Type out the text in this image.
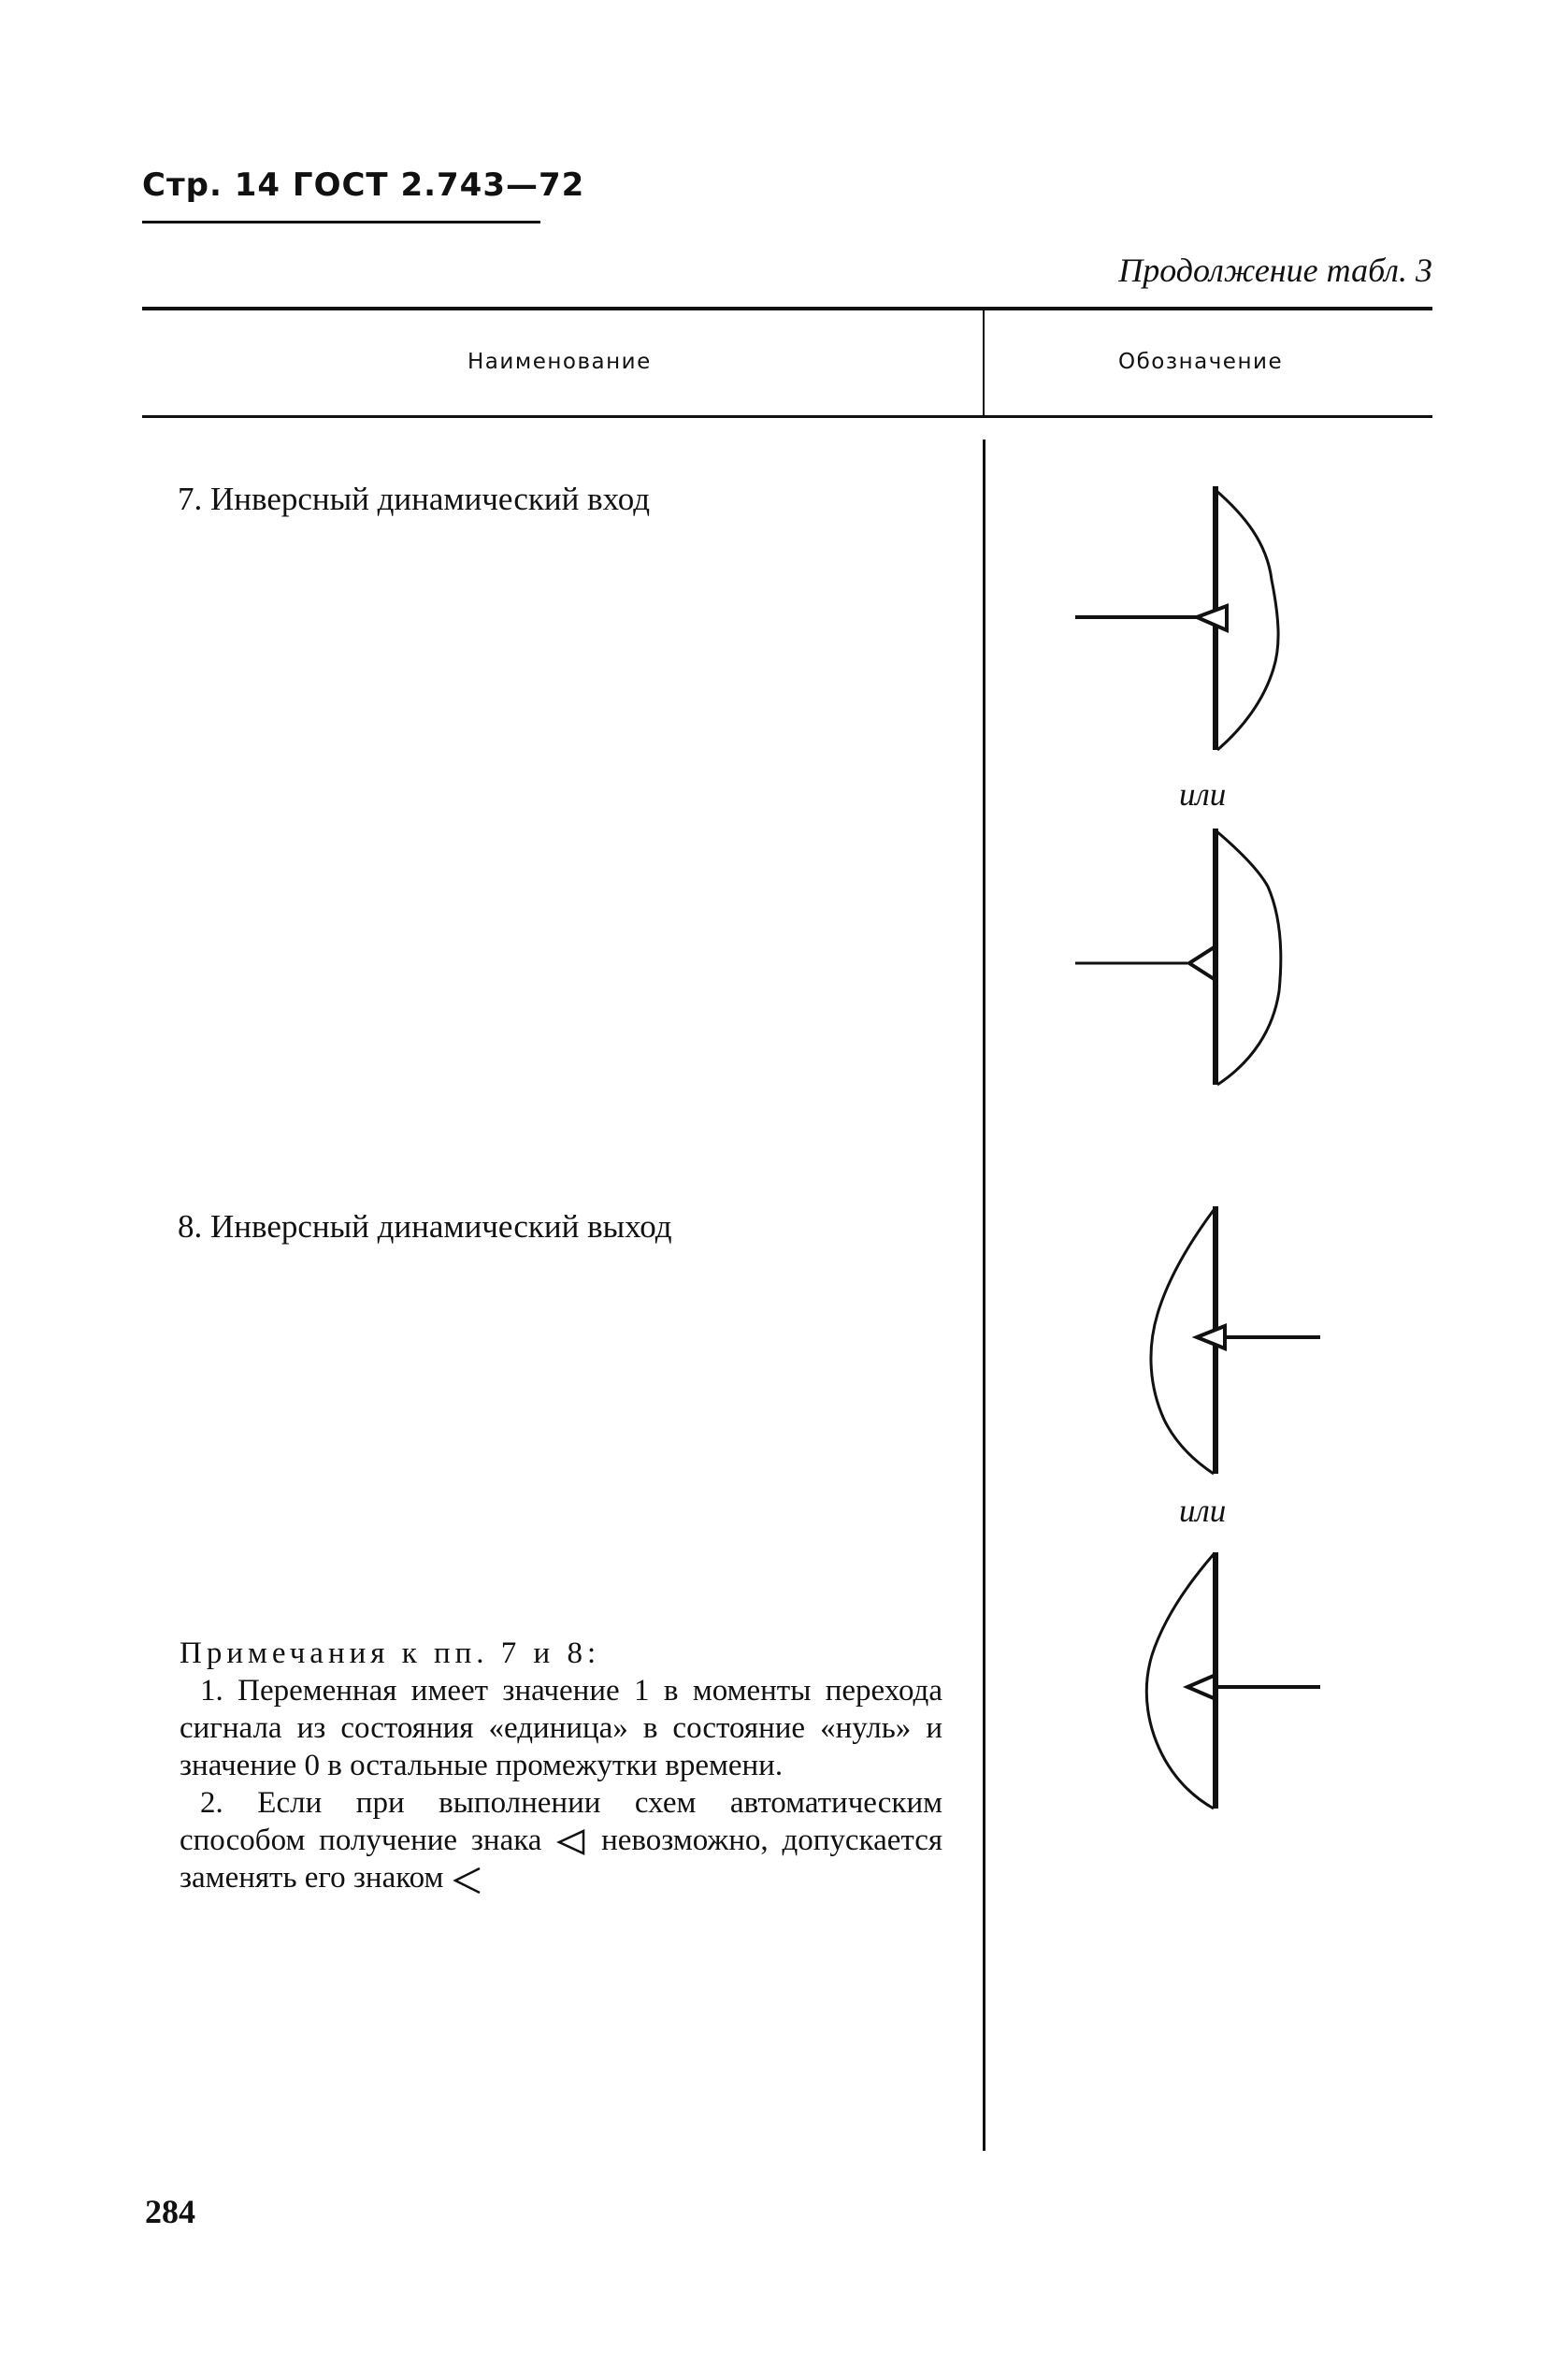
Стр. 14 ГОСТ 2.743—72
Продолжение табл. 3
Наименование	Обозначение
7. Инверсный динамический вход
или
8. Инверсный динамический выход
или

Примечания к пп. 7 и 8:

1. Переменная имеет значение 1 в моменты перехода сигнала из состояния «единица» в состояние «нуль» и значение 0 в остальные промежутки времени.

2. Если при выполнении схем автоматическим способом получение знака невозможно, допускается заменять его знаком

284
